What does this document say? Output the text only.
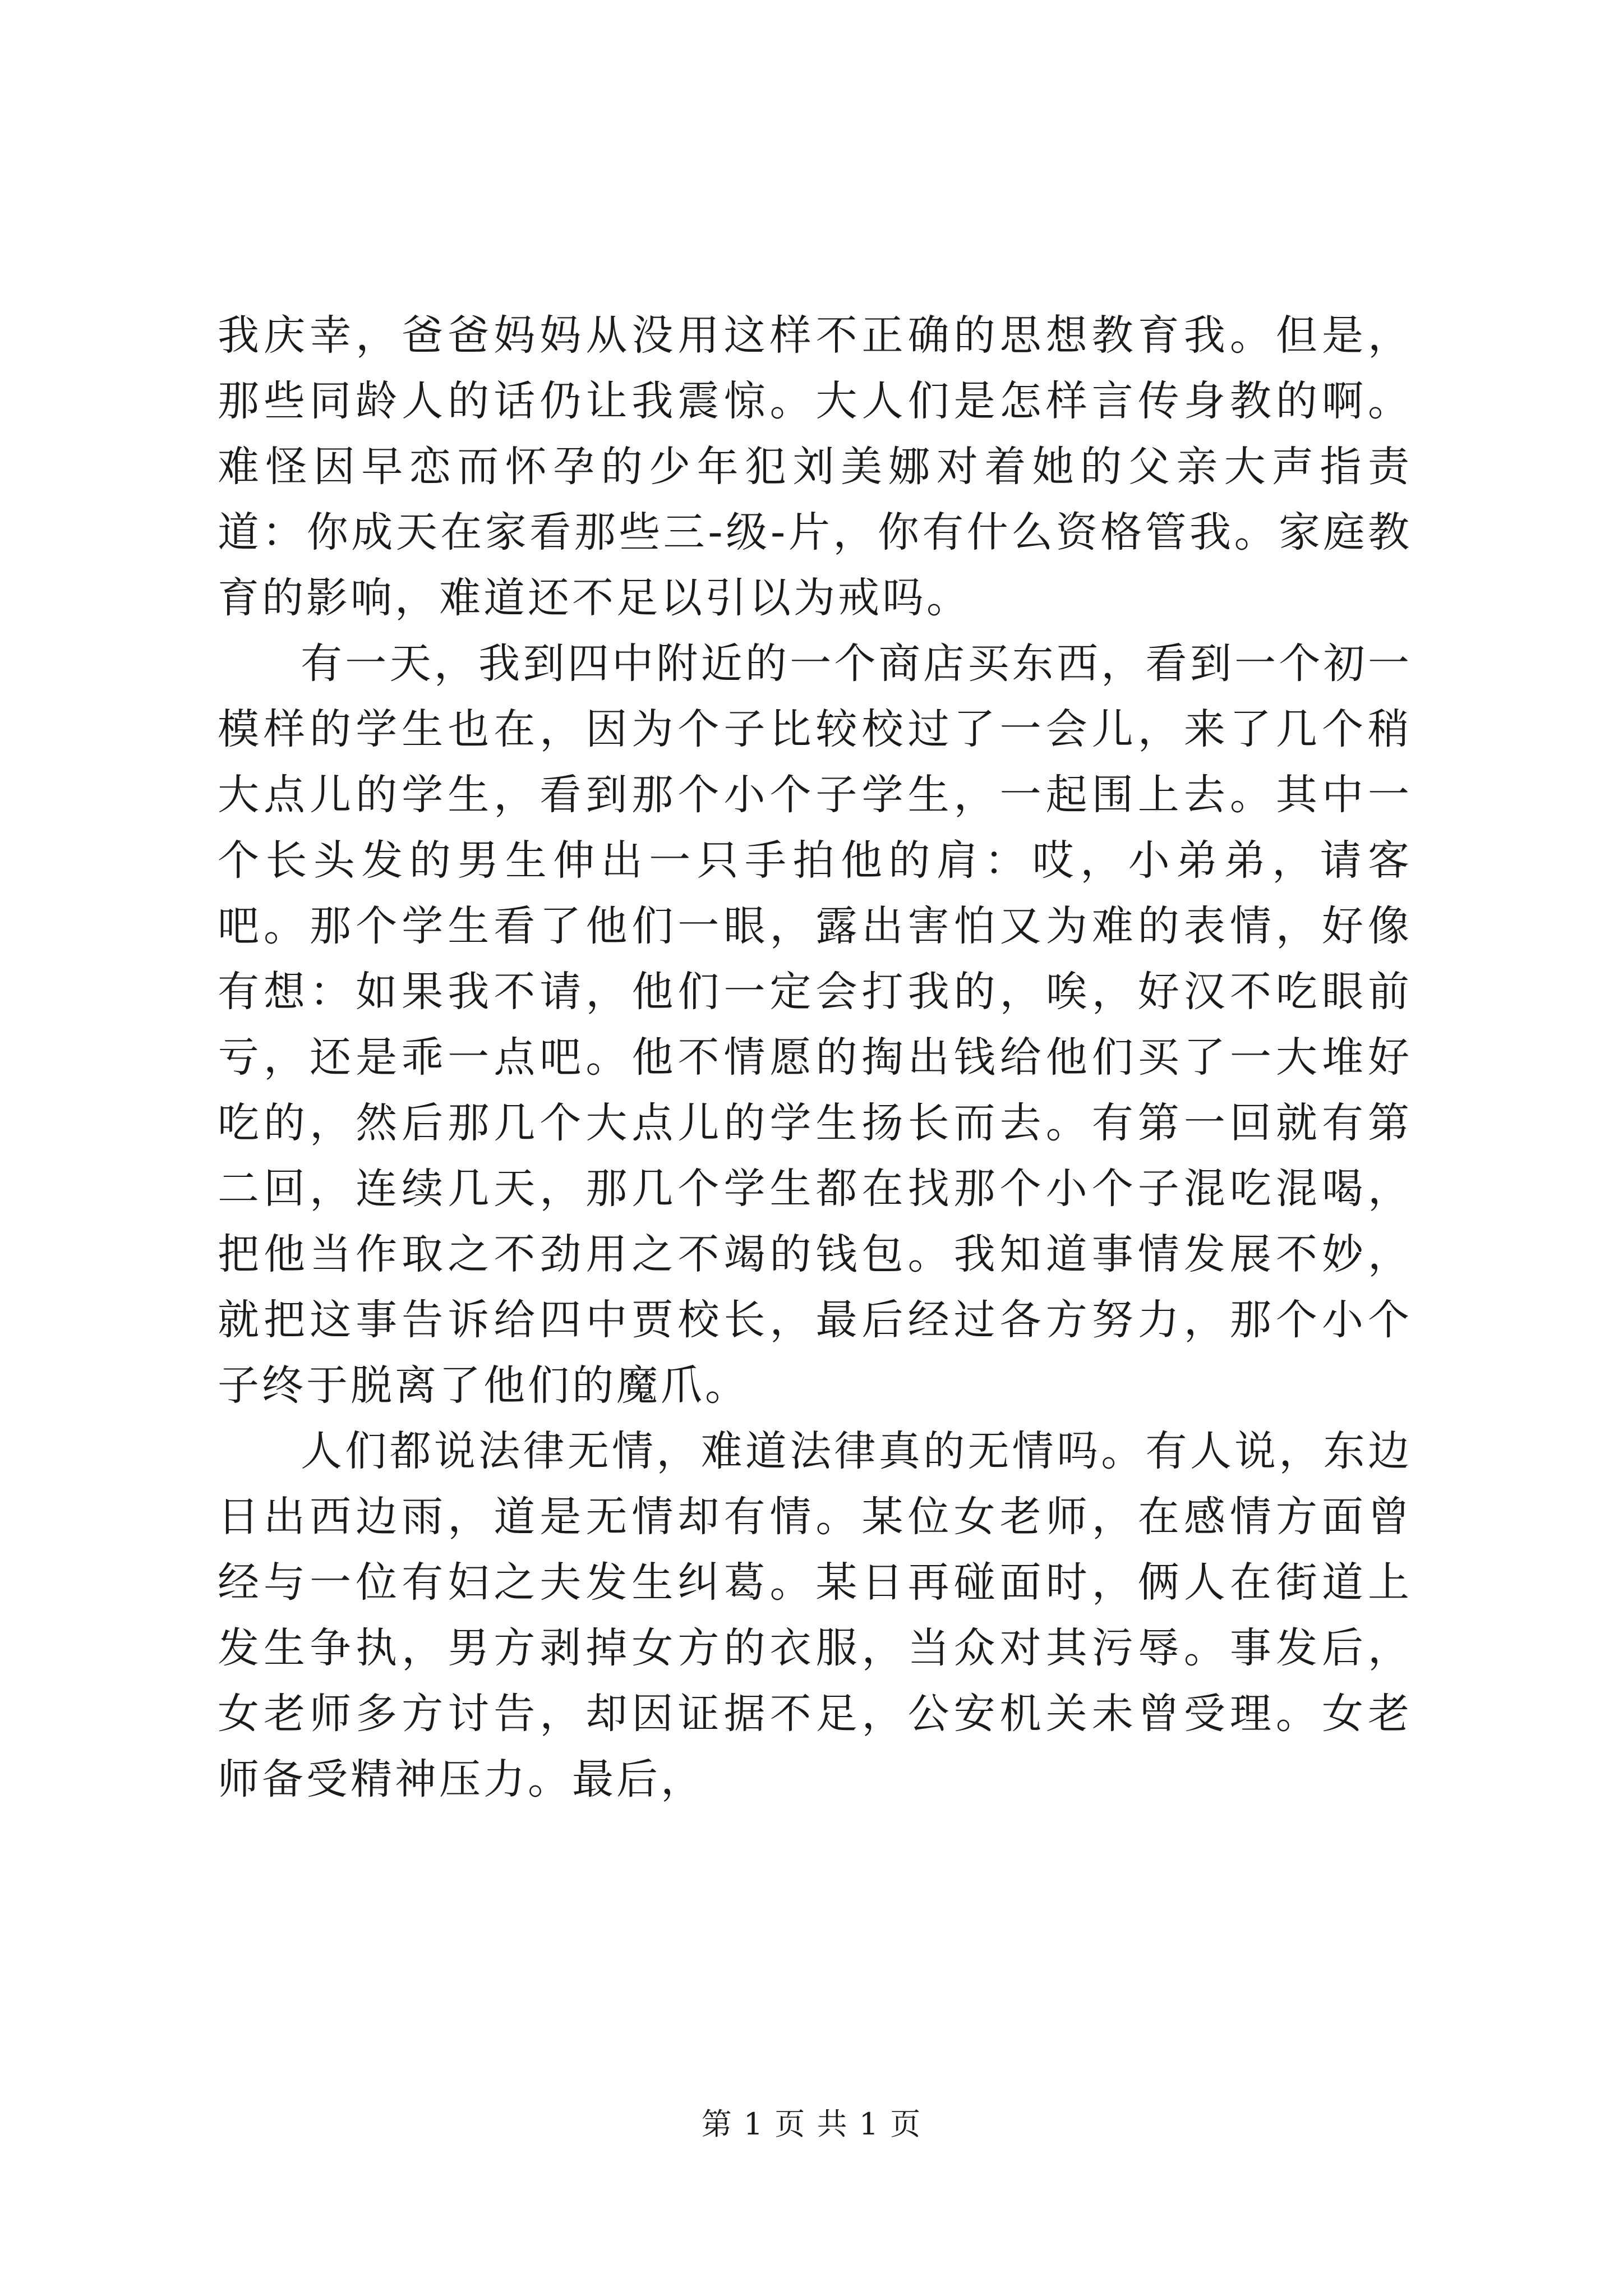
我庆幸，爸爸妈妈从没用这样不正确的思想教育我。但是，那些同龄人的话仍让我震惊。大人们是怎样言传身教的啊。难怪因早恋而怀孕的少年犯刘美娜对着她的父亲大声指责道：你成天在家看那些三-级-片，你有什么资格管我。家庭教育的影响，难道还不足以引以为戒吗。

有一天，我到四中附近的一个商店买东西，看到一个初一模样的学生也在，因为个子比较校过了一会儿，来了几个稍大点儿的学生，看到那个小个子学生，一起围上去。其中一个长头发的男生伸出一只手拍他的肩：哎，小弟弟，请客吧。那个学生看了他们一眼，露出害怕又为难的表情，好像有想：如果我不请，他们一定会打我的，唉，好汉不吃眼前亏，还是乖一点吧。他不情愿的掏出钱给他们买了一大堆好吃的，然后那几个大点儿的学生扬长而去。有第一回就有第二回，连续几天，那几个学生都在找那个小个子混吃混喝，把他当作取之不劲用之不竭的钱包。我知道事情发展不妙，就把这事告诉给四中贾校长，最后经过各方努力，那个小个子终于脱离了他们的魔爪。

人们都说法律无情，难道法律真的无情吗。有人说，东边日出西边雨，道是无情却有情。某位女老师，在感情方面曾经与一位有妇之夫发生纠葛。某日再碰面时，俩人在街道上发生争执，男方剥掉女方的衣服，当众对其污辱。事发后，女老师多方讨告，却因证据不足，公安机关未曾受理。女老师备受精神压力。最后，

第 1 页 共 1 页
